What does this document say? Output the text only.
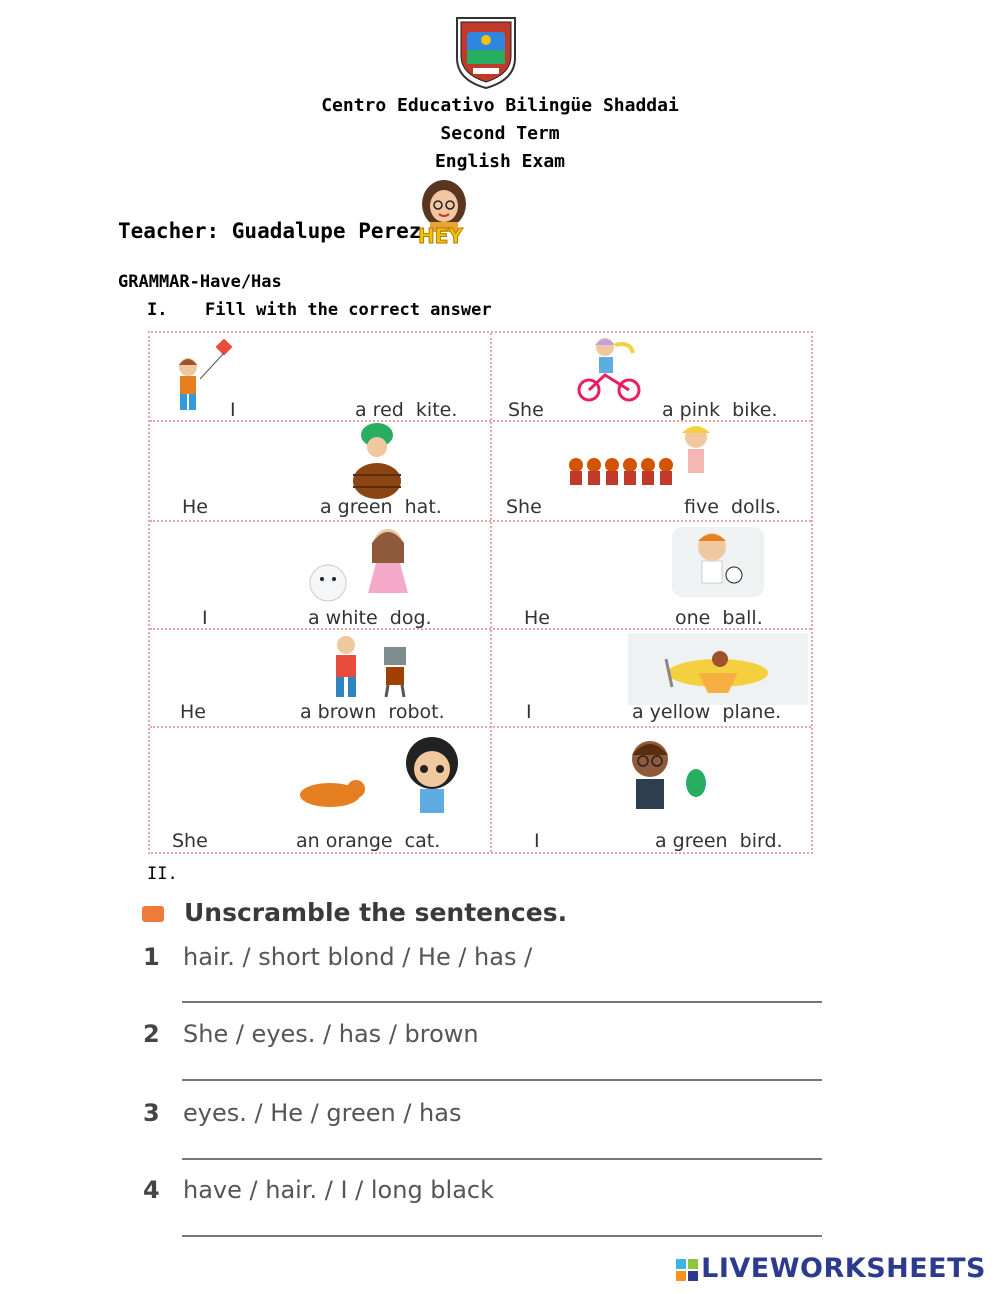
Centro Educativo Bilingüe Shaddai
Second Term
English Exam
Teacher: Guadalupe Perez
HEY
GRAMMAR-Have/Has
I. Fill with the correct answer
I	a red  kite.	She	a pink  bike.
He	a green  hat.	She	five  dolls.
I	a white  dog.	He	one  ball.
He	a brown  robot.	I	a yellow  plane.
She	an orange  cat.	I	a green  bird.
II.
Unscramble the sentences.
1 hair. / short blond / He / has /
2 She / eyes. / has / brown
3 eyes. / He / green / has
4 have / hair. / I / long black
LIVEWORKSHEETS
